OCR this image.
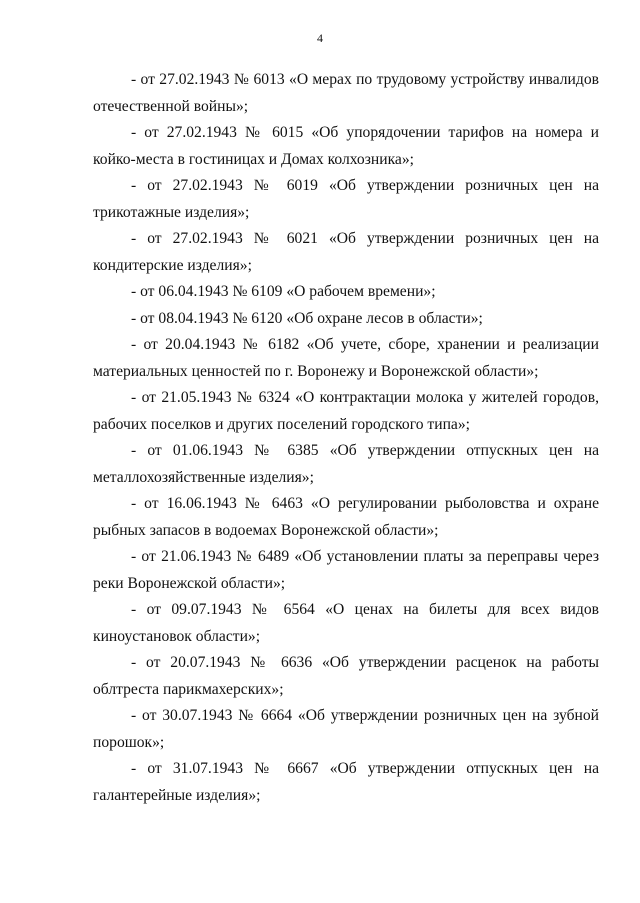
4
- от 27.02.1943 № 6013 «О мерах по трудовому устройству инвалидов отечественной войны»;
- от 27.02.1943 № 6015 «Об упорядочении тарифов на номера и койко-места в гостиницах и Домах колхозника»;
- от 27.02.1943 № 6019 «Об утверждении розничных цен на трикотажные изделия»;
- от 27.02.1943 № 6021 «Об утверждении розничных цен на кондитерские изделия»;
- от 06.04.1943 № 6109 «О рабочем времени»;
- от 08.04.1943 № 6120 «Об охране лесов в области»;
- от 20.04.1943 № 6182 «Об учете, сборе, хранении и реализации материальных ценностей по г. Воронежу и Воронежской области»;
- от 21.05.1943 № 6324 «О контрактации молока у жителей городов, рабочих поселков и других поселений городского типа»;
- от 01.06.1943 № 6385 «Об утверждении отпускных цен на металлохозяйственные изделия»;
- от 16.06.1943 № 6463 «О регулировании рыболовства и охране рыбных запасов в водоемах Воронежской области»;
- от 21.06.1943 № 6489 «Об установлении платы за переправы через реки Воронежской области»;
- от 09.07.1943 № 6564 «О ценах на билеты для всех видов киноустановок области»;
- от 20.07.1943 № 6636 «Об утверждении расценок на работы облтреста парикмахерских»;
- от 30.07.1943 № 6664 «Об утверждении розничных цен на зубной порошок»;
- от 31.07.1943 № 6667 «Об утверждении отпускных цен на галантерейные изделия»;
